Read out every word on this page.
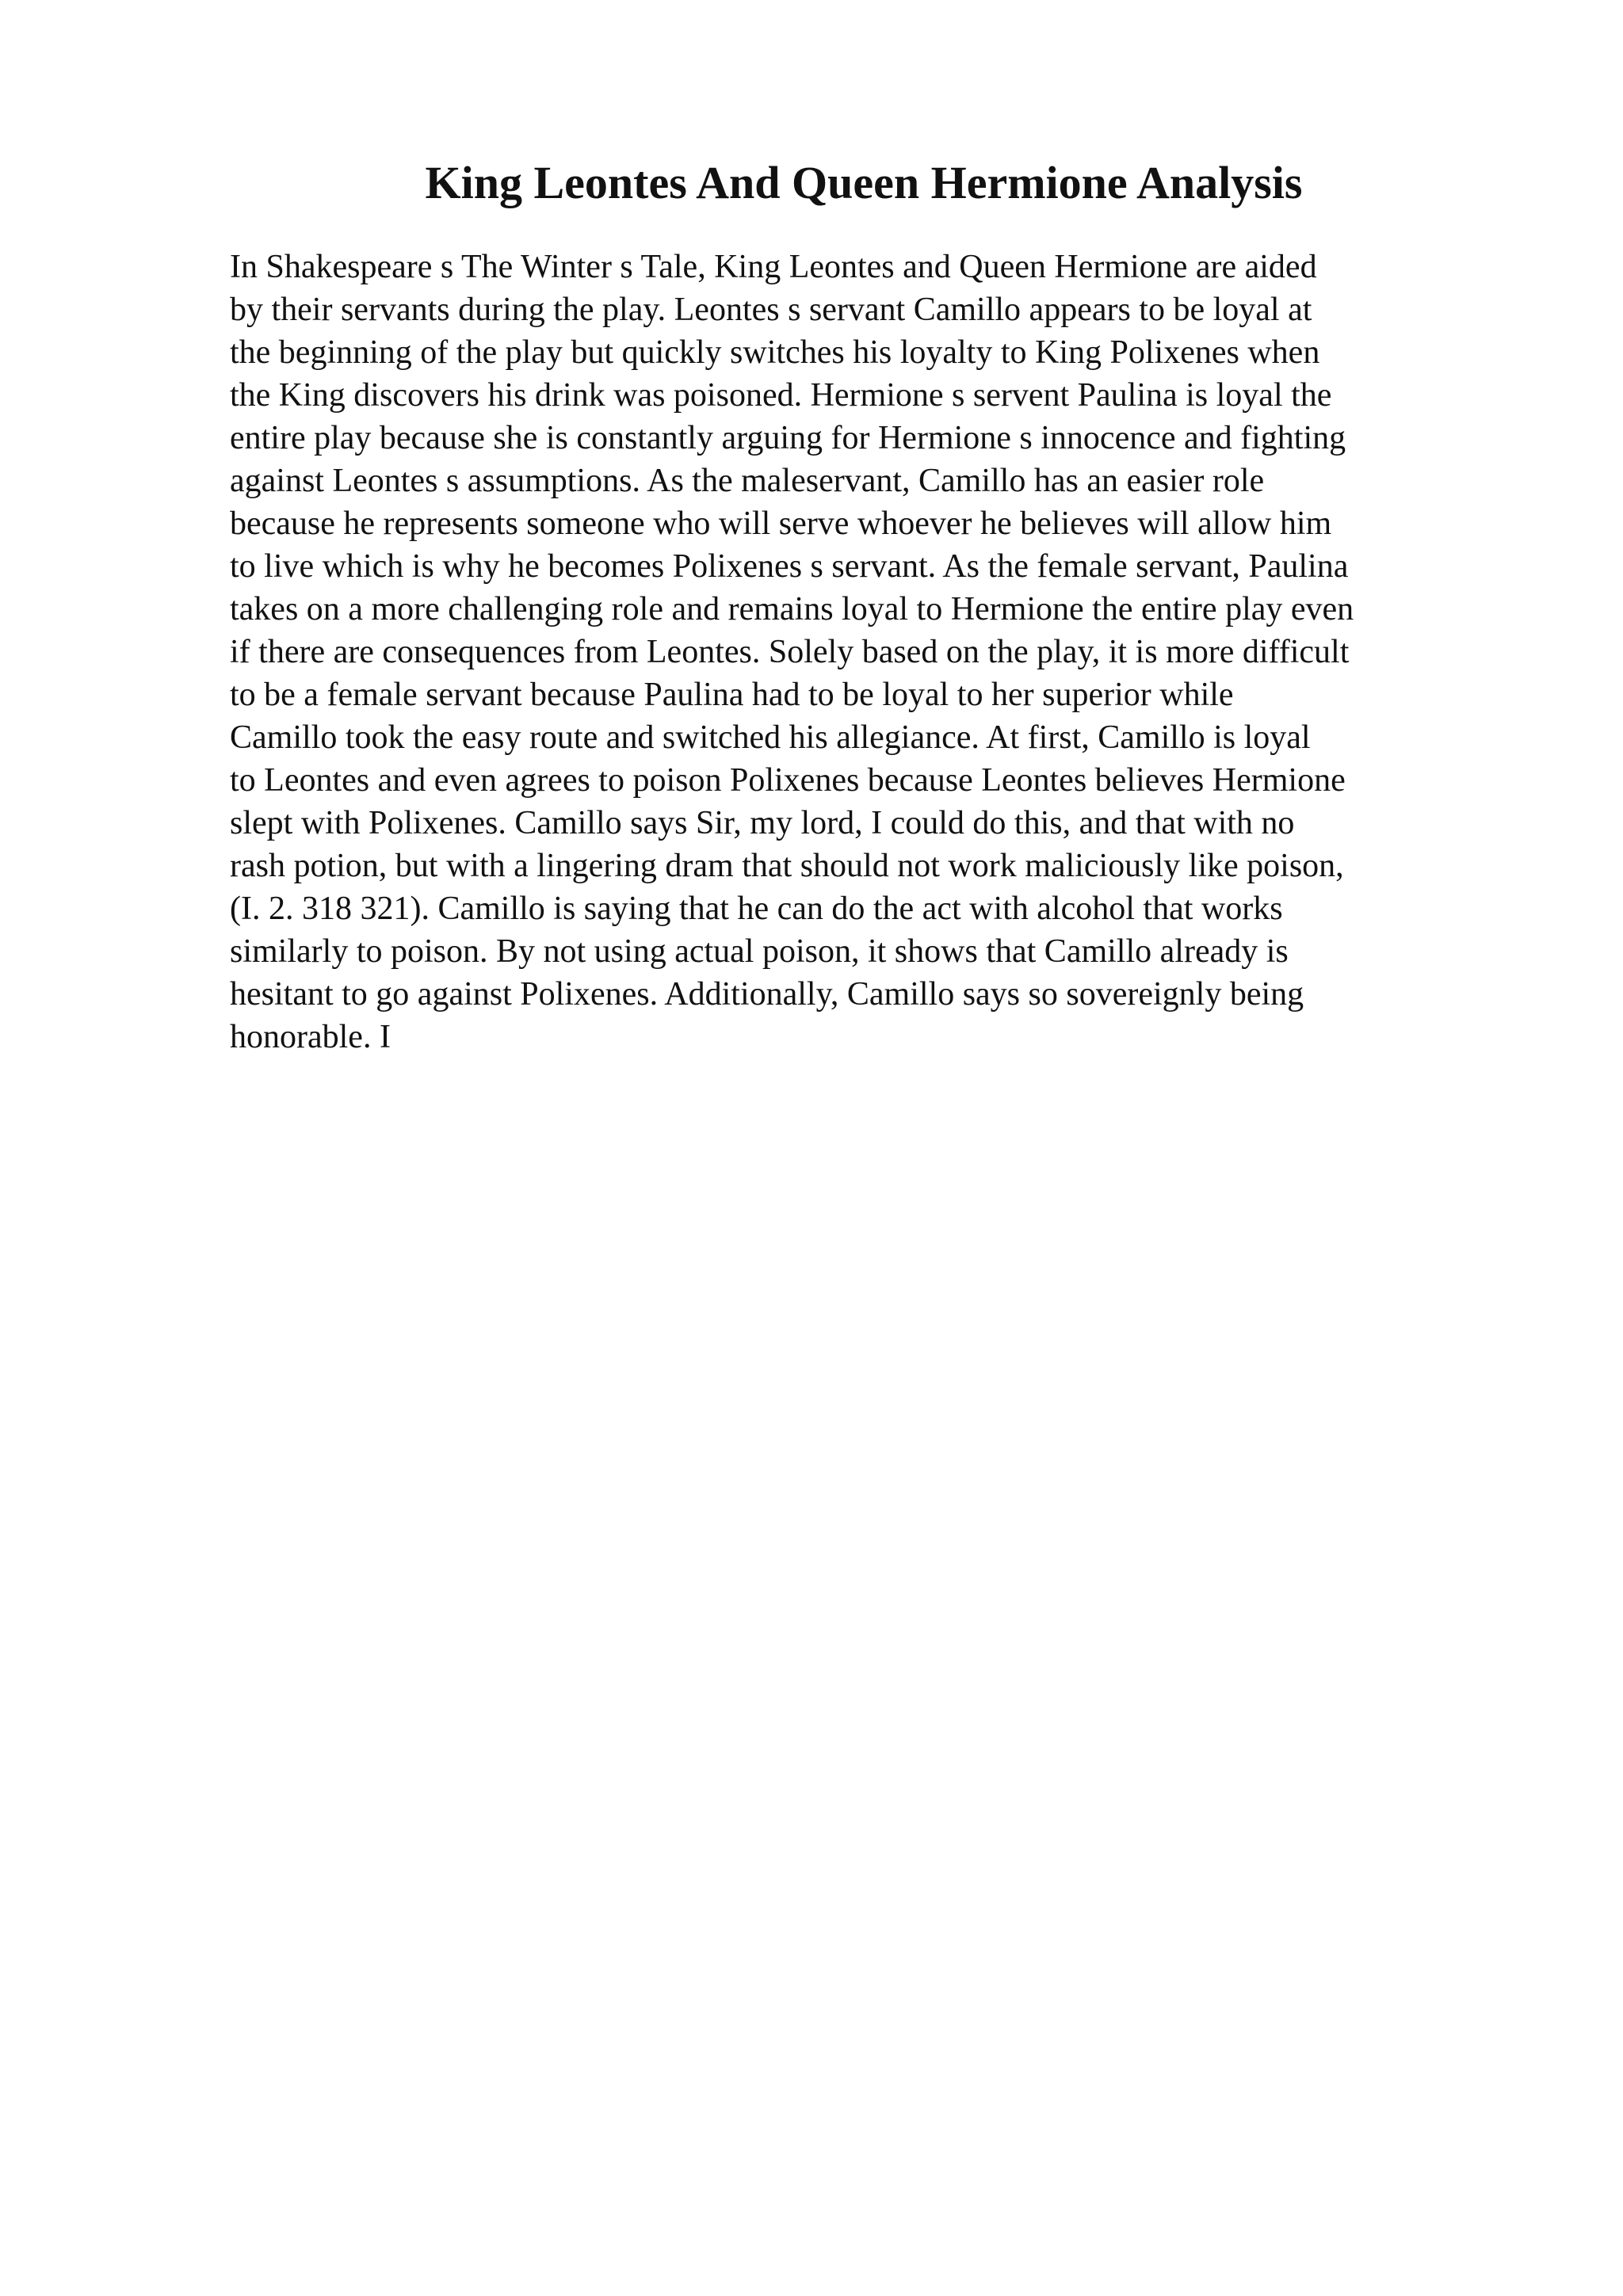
King Leontes And Queen Hermione Analysis
In Shakespeare s The Winter s Tale, King Leontes and Queen Hermione are aided
by their servants during the play. Leontes s servant Camillo appears to be loyal at
the beginning of the play but quickly switches his loyalty to King Polixenes when
the King discovers his drink was poisoned. Hermione s servent Paulina is loyal the
entire play because she is constantly arguing for Hermione s innocence and fighting
against Leontes s assumptions. As the maleservant, Camillo has an easier role
because he represents someone who will serve whoever he believes will allow him
to live which is why he becomes Polixenes s servant. As the female servant, Paulina
takes on a more challenging role and remains loyal to Hermione the entire play even
if there are consequences from Leontes. Solely based on the play, it is more difficult
to be a female servant because Paulina had to be loyal to her superior while
Camillo took the easy route and switched his allegiance. At first, Camillo is loyal
to Leontes and even agrees to poison Polixenes because Leontes believes Hermione
slept with Polixenes. Camillo says Sir, my lord, I could do this, and that with no
rash potion, but with a lingering dram that should not work maliciously like poison,
(I. 2. 318 321). Camillo is saying that he can do the act with alcohol that works
similarly to poison. By not using actual poison, it shows that Camillo already is
hesitant to go against Polixenes. Additionally, Camillo says so sovereignly being
honorable. I
